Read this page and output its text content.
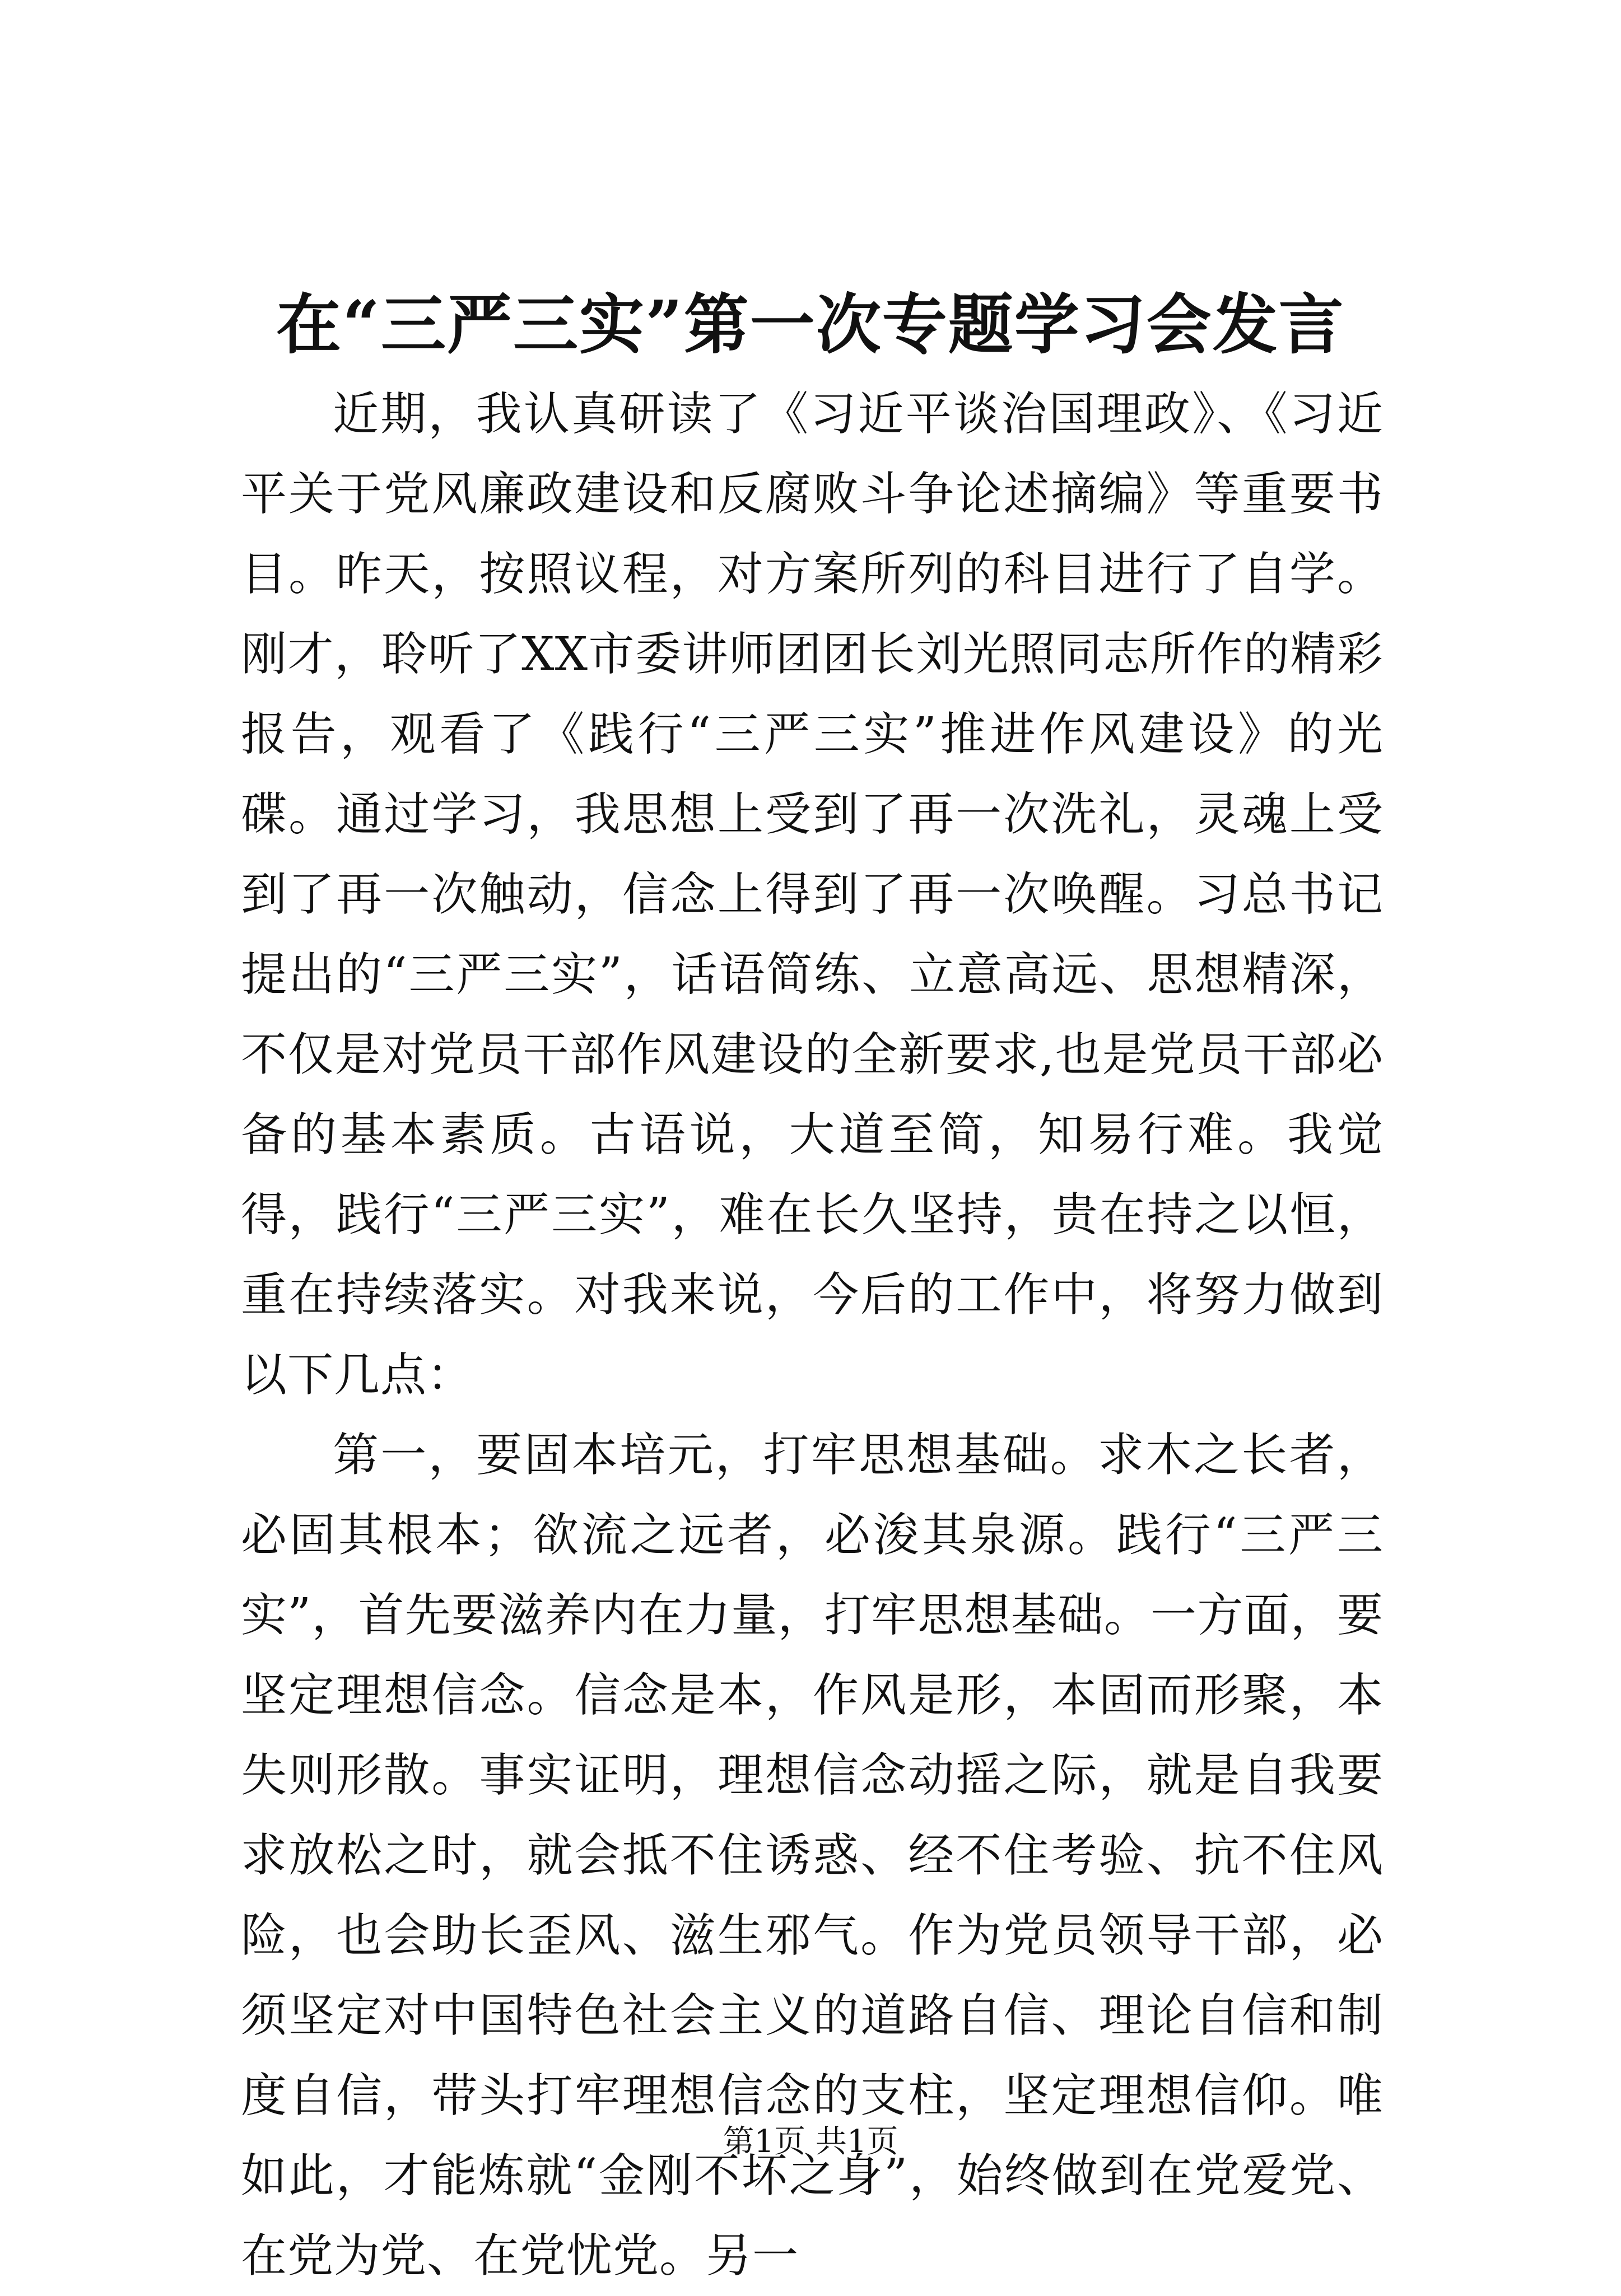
在“三严三实”第一次专题学习会发言

近期，我认真研读了《习近平谈治国理政》、《习近平关于党风廉政建设和反腐败斗争论述摘编》等重要书目。昨天，按照议程，对方案所列的科目进行了自学。刚才，聆听了XX市委讲师团团长刘光照同志所作的精彩报告，观看了《践行“三严三实”推进作风建设》的光碟。通过学习，我思想上受到了再一次洗礼，灵魂上受到了再一次触动，信念上得到了再一次唤醒。习总书记提出的“三严三实”，话语简练、立意高远、思想精深，不仅是对党员干部作风建设的全新要求,也是党员干部必备的基本素质。古语说，大道至简，知易行难。我觉得，践行“三严三实”，难在长久坚持，贵在持之以恒，重在持续落实。对我来说，今后的工作中，将努力做到以下几点：

第一，要固本培元，打牢思想基础。求木之长者，必固其根本；欲流之远者，必浚其泉源。践行“三严三实”，首先要滋养内在力量，打牢思想基础。一方面，要坚定理想信念。信念是本，作风是形，本固而形聚，本失则形散。事实证明，理想信念动摇之际，就是自我要求放松之时，就会抵不住诱惑、经不住考验、抗不住风险，也会助长歪风、滋生邪气。作为党员领导干部，必须坚定对中国特色社会主义的道路自信、理论自信和制度自信，带头打牢理想信念的支柱，坚定理想信仰。唯如此，才能炼就“金刚不坏之身”，始终做到在党爱党、在党为党、在党忧党。另一

第1页 共1页
